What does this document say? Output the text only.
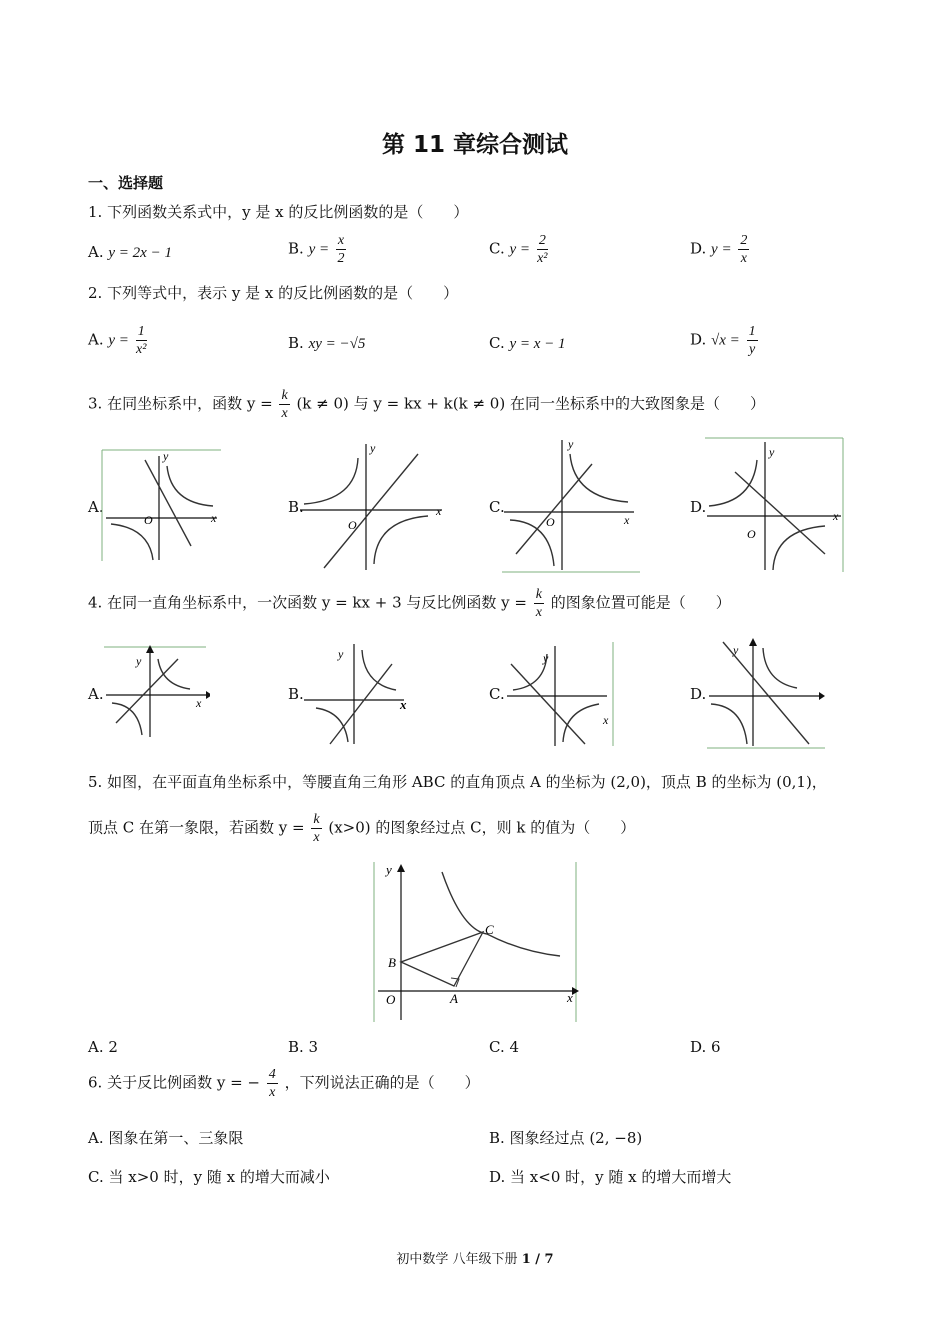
第 11 章综合测试
一、选择题
1. 下列函数关系式中，y 是 x 的反比例函数的是（　　）
A. y = 2x − 1	B. $y = \frac{x}{2}$	C. $y = \frac{2}{\text{x²}}$	D. $y = \frac{2}{x}$
2. 下列等式中，表示 y 是 x 的反比例函数的是（　　）
A. $y = \frac{1}{\text{x²}}$	B. xy = −√5	C. y = x − 1	D. $√x = \frac{1}{y}$
3. 在同坐标系中，函数 $y = \frac{k}{x} (k \ne 0)$ 与 y = kx + k(k ≠ 0) 在同一坐标系中的大致图象是（　　）
A.	B.	C.	D.
x
y
O
x
y
O	x
y
O	x
y
O
4. 在同一直角坐标系中，一次函数 y = kx + 3 与反比例函数 $y = \frac{k}{x}$ 的图象位置可能是（　　）
A.	B.	C.	D.
x
y
x
y
x
y
y
5. 如图，在平面直角坐标系中，等腰直角三角形 ABC 的直角顶点 A 的坐标为 (2,0)，顶点 B 的坐标为 (0,1)，
顶点 C 在第一象限，若函数 $y = \frac{k}{x} (x>0)$ 的图象经过点 C，则 k 的值为（　　）
x
y
O
B
A
C
A. 2	B. 3	C. 4	D. 6
6. 关于反比例函数 y = − $\frac{4}{x}$ ，下列说法正确的是（　　）
A. 图象在第一、三象限	B. 图象经过点 (2, −8)
C. 当 x>0 时，y 随 x 的增大而减小	D. 当 x<0 时，y 随 x 的增大而增大
初中数学 八年级下册 1 / 7
